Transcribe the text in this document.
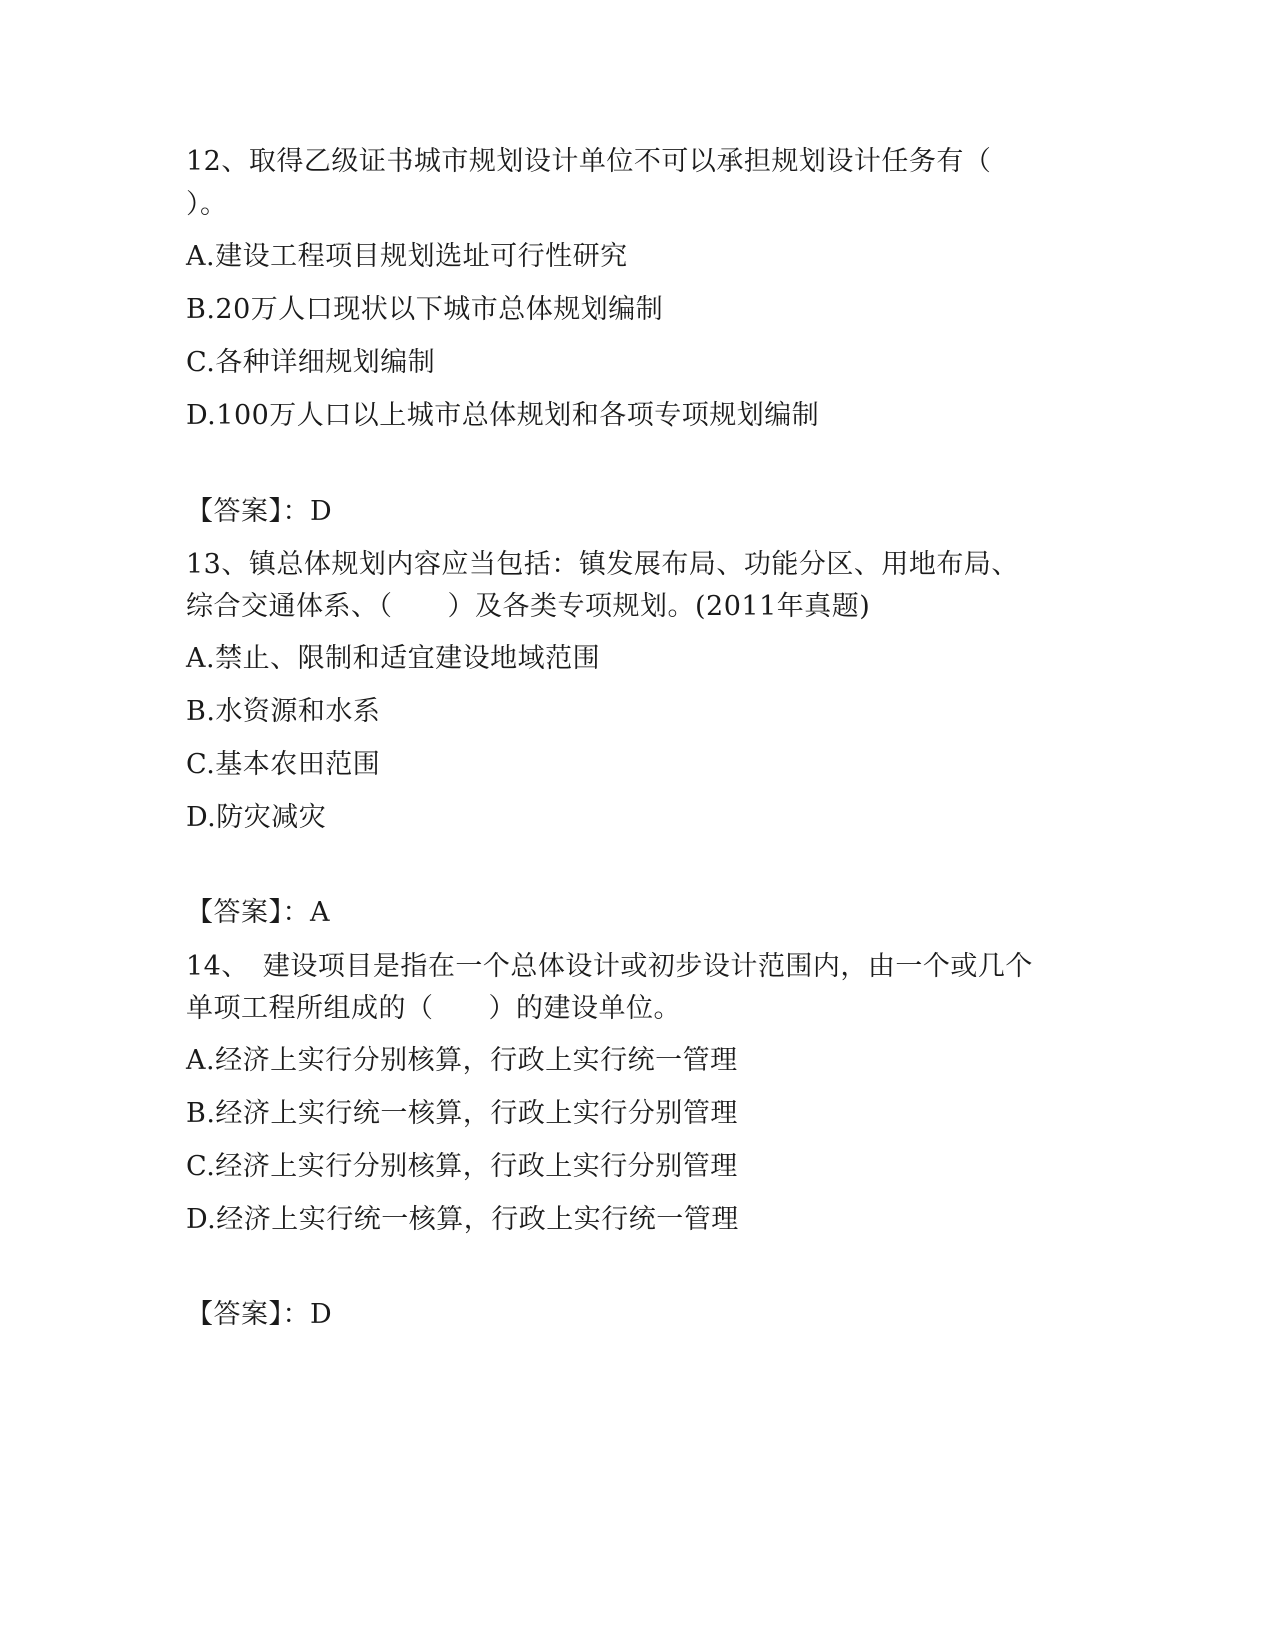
12、取得乙级证书城市规划设计单位不可以承担规划设计任务有（
）。
A.建设工程项目规划选址可行性研究
B.20万人口现状以下城市总体规划编制
C.各种详细规划编制
D.100万人口以上城市总体规划和各项专项规划编制
【答案】：D
13、镇总体规划内容应当包括：镇发展布局、功能分区、用地布局、
综合交通体系、（　　）及各类专项规划。(2011年真题)
A.禁止、限制和适宜建设地域范围
B.水资源和水系
C.基本农田范围
D.防灾减灾
【答案】：A
14、　建设项目是指在一个总体设计或初步设计范围内，由一个或几个
单项工程所组成的（　　）的建设单位。
A.经济上实行分别核算，行政上实行统一管理
B.经济上实行统一核算，行政上实行分别管理
C.经济上实行分别核算，行政上实行分别管理
D.经济上实行统一核算，行政上实行统一管理
【答案】：D
